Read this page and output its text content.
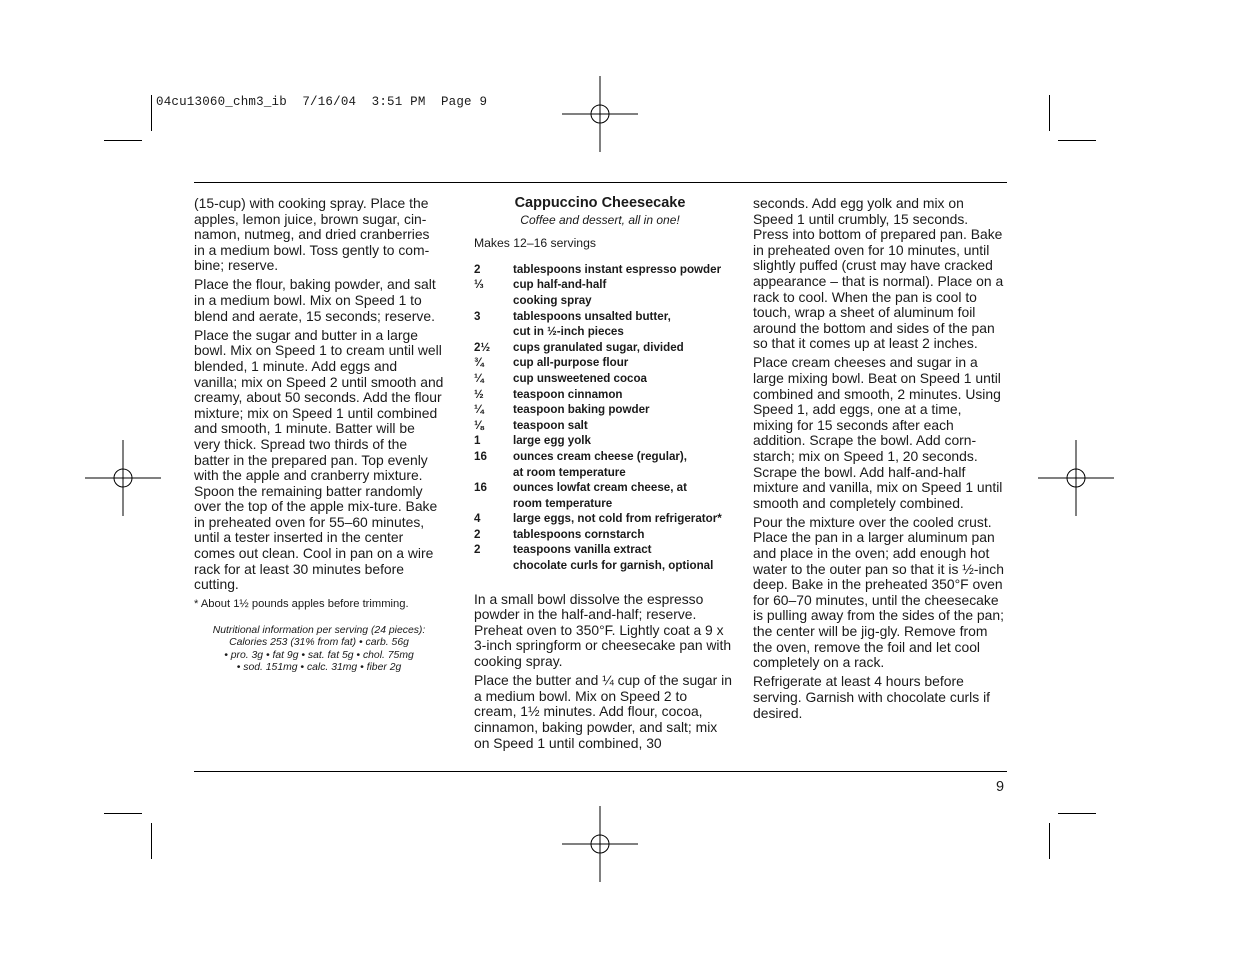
04cu13060_chm3_ib  7/16/04  3:51 PM  Page 9

(15-cup) with cooking spray. Place the apples, lemon juice, brown sugar, cin-namon, nutmeg, and dried cranberries in a medium bowl. Toss gently to com-bine; reserve.

Place the flour, baking powder, and salt in a medium bowl. Mix on Speed 1 to blend and aerate, 15 seconds; reserve.

Place the sugar and butter in a large bowl. Mix on Speed 1 to cream until well blended, 1 minute. Add eggs and vanilla; mix on Speed 2 until smooth and creamy, about 50 seconds. Add the flour mixture; mix on Speed 1 until combined and smooth, 1 minute. Batter will be very thick. Spread two thirds of the batter in the prepared pan. Top evenly with the apple and cranberry mixture. Spoon the remaining batter randomly over the top of the apple mix-ture. Bake in preheated oven for 55–60 minutes, until a tester inserted in the center comes out clean. Cool in pan on a wire rack for at least 30 minutes before cutting.

* About 1½ pounds apples before trimming.
Nutritional information per serving (24 pieces):
Calories 253 (31% from fat) • carb. 56g
• pro. 3g • fat 9g • sat. fat 5g • chol. 75mg
• sod. 151mg • calc. 31mg • fiber 2g
Cappuccino Cheesecake
Coffee and dessert, all in one!
Makes 12–16 servings
2	tablespoons instant espresso powder
⅓	cup half-and-half
cooking spray
3	tablespoons unsalted butter,
cut in ½-inch pieces
2½	cups granulated sugar, divided
¾	cup all-purpose flour
¼	cup unsweetened cocoa
½	teaspoon cinnamon
¼	teaspoon baking powder
⅛	teaspoon salt
1	large egg yolk
16	ounces cream cheese (regular),
at room temperature
16	ounces lowfat cream cheese, at
room temperature
4	large eggs, not cold from refrigerator*
2	tablespoons cornstarch
2	teaspoons vanilla extract
chocolate curls for garnish, optional

In a small bowl dissolve the espresso powder in the half-and-half; reserve. Preheat oven to 350°F. Lightly coat a 9 x 3-inch springform or cheesecake pan with cooking spray.

Place the butter and ¼ cup of the sugar in a medium bowl. Mix on Speed 2 to cream, 1½ minutes. Add flour, cocoa, cinnamon, baking powder, and salt; mix on Speed 1 until combined, 30

seconds. Add egg yolk and mix on Speed 1 until crumbly, 15 seconds. Press into bottom of prepared pan. Bake in preheated oven for 10 minutes, until slightly puffed (crust may have cracked appearance – that is normal). Place on a rack to cool. When the pan is cool to touch, wrap a sheet of aluminum foil around the bottom and sides of the pan so that it comes up at least 2 inches.

Place cream cheeses and sugar in a large mixing bowl. Beat on Speed 1 until combined and smooth, 2 minutes. Using Speed 1, add eggs, one at a time, mixing for 15 seconds after each addition. Scrape the bowl. Add corn-starch; mix on Speed 1, 20 seconds. Scrape the bowl. Add half-and-half mixture and vanilla, mix on Speed 1 until smooth and completely combined.

Pour the mixture over the cooled crust. Place the pan in a larger aluminum pan and place in the oven; add enough hot water to the outer pan so that it is ½-inch deep. Bake in the preheated 350°F oven for 60–70 minutes, until the cheesecake is pulling away from the sides of the pan; the center will be jig-gly. Remove from the oven, remove the foil and let cool completely on a rack.

Refrigerate at least 4 hours before serving. Garnish with chocolate curls if desired.

9
